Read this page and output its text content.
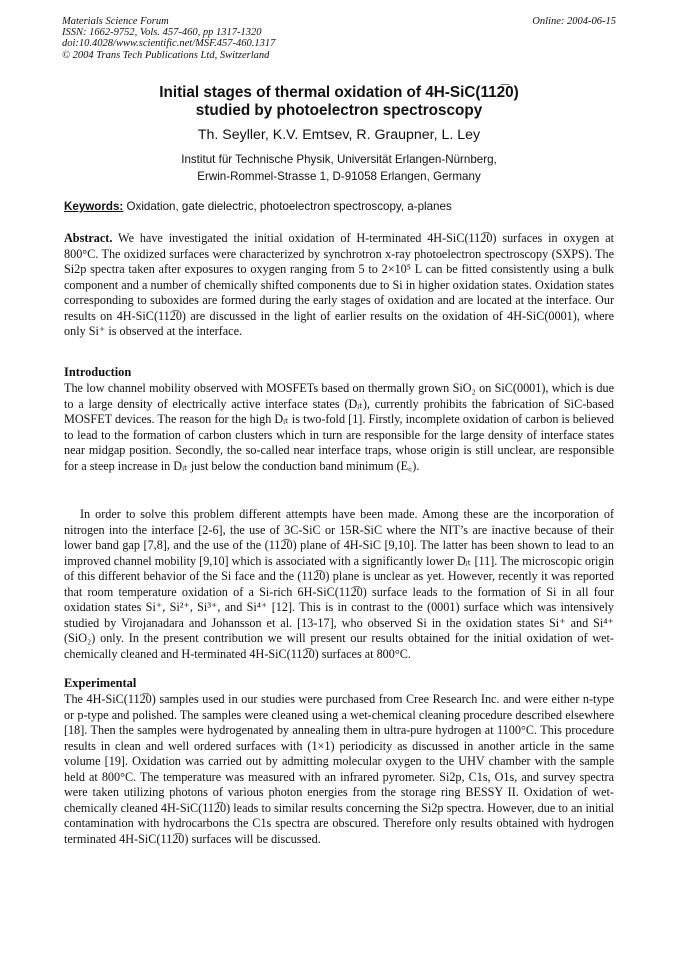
Materials Science Forum
ISSN: 1662-9752, Vols. 457-460, pp 1317-1320
doi:10.4028/www.scientific.net/MSF.457-460.1317
© 2004 Trans Tech Publications Ltd, Switzerland
Online: 2004-06-15
Initial stages of thermal oxidation of 4H-SiC(112̅0)
studied by photoelectron spectroscopy
Th. Seyller, K.V. Emtsev, R. Graupner, L. Ley
Institut für Technische Physik, Universität Erlangen-Nürnberg,
Erwin-Rommel-Strasse 1, D-91058 Erlangen, Germany
Keywords: Oxidation, gate dielectric, photoelectron spectroscopy, a-planes

Abstract. We have investigated the initial oxidation of H-terminated 4H-SiC(112̅0) surfaces in oxygen at 800°C. The oxidized surfaces were characterized by synchrotron x-ray photoelectron spectroscopy (SXPS). The Si2p spectra taken after exposures to oxygen ranging from 5 to 2×10⁵ L can be fitted consistently using a bulk component and a number of chemically shifted components due to Si in higher oxidation states. Oxidation states corresponding to suboxides are formed during the early stages of oxidation and are located at the interface. Our results on 4H-SiC(112̅0) are discussed in the light of earlier results on the oxidation of 4H-SiC(0001), where only Si⁺ is observed at the interface.

Introduction

The low channel mobility observed with MOSFETs based on thermally grown SiO₂ on SiC(0001), which is due to a large density of electrically active interface states (Dᵢₜ), currently prohibits the fabrication of SiC-based MOSFET devices. The reason for the high Dᵢₜ is two-fold [1]. Firstly, incomplete oxidation of carbon is believed to lead to the formation of carbon clusters which in turn are responsible for the large density of interface states near midgap position. Secondly, the so-called near interface traps, whose origin is still unclear, are responsible for a steep increase in Dᵢₜ just below the conduction band minimum (E꜀).

In order to solve this problem different attempts have been made. Among these are the incorporation of nitrogen into the interface [2-6], the use of 3C-SiC or 15R-SiC where the NIT’s are inactive because of their lower band gap [7,8], and the use of the (112̅0) plane of 4H-SiC [9,10]. The latter has been shown to lead to an improved channel mobility [9,10] which is associated with a significantly lower Dᵢₜ [11]. The microscopic origin of this different behavior of the Si face and the (112̅0) plane is unclear as yet. However, recently it was reported that room temperature oxidation of a Si-rich 6H-SiC(112̅0) surface leads to the formation of Si in all four oxidation states Si⁺, Si²⁺, Si³⁺, and Si⁴⁺ [12]. This is in contrast to the (0001) surface which was intensively studied by Virojanadara and Johansson et al. [13-17], who observed Si in the oxidation states Si⁺ and Si⁴⁺ (SiO₂) only. In the present contribution we will present our results obtained for the initial oxidation of wet-chemically cleaned and H-terminated 4H-SiC(112̅0) surfaces at 800°C.

Experimental

The 4H-SiC(112̅0) samples used in our studies were purchased from Cree Research Inc. and were either n-type or p-type and polished. The samples were cleaned using a wet-chemical cleaning procedure described elsewhere [18]. Then the samples were hydrogenated by annealing them in ultra-pure hydrogen at 1100°C. This procedure results in clean and well ordered surfaces with (1×1) periodicity as discussed in another article in the same volume [19]. Oxidation was carried out by admitting molecular oxygen to the UHV chamber with the sample held at 800°C. The temperature was measured with an infrared pyrometer. Si2p, C1s, O1s, and survey spectra were taken utilizing photons of various photon energies from the storage ring BESSY II. Oxidation of wet-chemically cleaned 4H-SiC(112̅0) leads to similar results concerning the Si2p spectra. However, due to an initial contamination with hydrocarbons the C1s spectra are obscured. Therefore only results obtained with hydrogen terminated 4H-SiC(112̅0) surfaces will be discussed.
